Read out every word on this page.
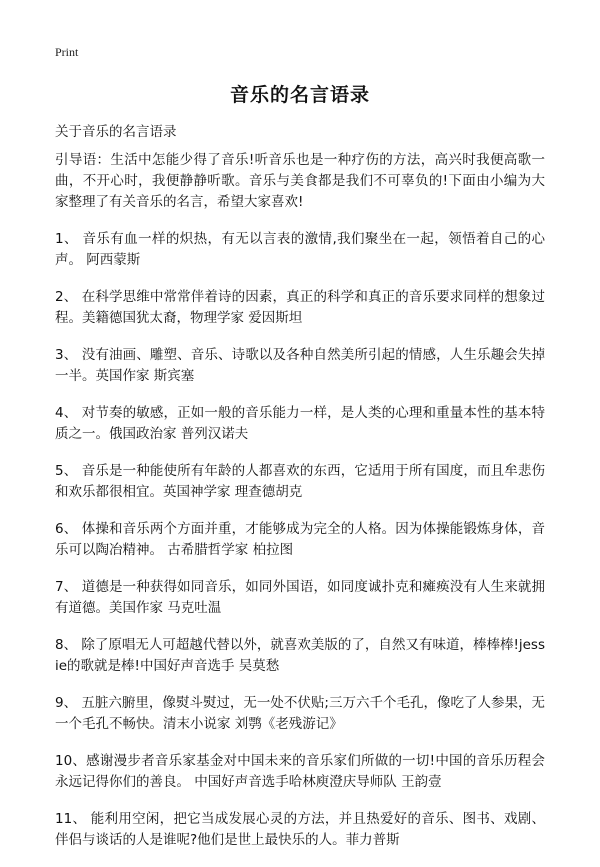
Print
音乐的名言语录
关于音乐的名言语录

引导语：生活中怎能少得了音乐!听音乐也是一种疗伤的方法，高兴时我便高歌一曲，不开心时，我便静静听歌。音乐与美食都是我们不可辜负的!下面由小编为大家整理了有关音乐的名言，希望大家喜欢!

1、 音乐有血一样的炽热，有无以言表的激情,我们聚坐在一起，领悟着自己的心声。 阿西蒙斯

2、 在科学思维中常常伴着诗的因素，真正的科学和真正的音乐要求同样的想象过程。美籍德国犹太裔，物理学家 爱因斯坦

3、 没有油画、雕塑、音乐、诗歌以及各种自然美所引起的情感，人生乐趣会失掉一半。英国作家 斯宾塞

4、 对节奏的敏感，正如一般的音乐能力一样，是人类的心理和重量本性的基本特质之一。俄国政治家 普列汉诺夫

5、 音乐是一种能使所有年龄的人都喜欢的东西，它适用于所有国度，而且牟悲伤和欢乐都很相宜。英国神学家 理查德胡克

6、 体操和音乐两个方面并重，才能够成为完全的人格。因为体操能锻炼身体，音乐可以陶冶精神。 古希腊哲学家 柏拉图

7、 道德是一种获得如同音乐，如同外国语，如同度诚扑克和瘫痪没有人生来就拥有道德。美国作家 马克吐温

8、 除了原唱无人可超越代替以外，就喜欢美版的了，自然又有味道，棒棒棒!jessie的歌就是棒!中国好声音选手 吴莫愁

9、 五脏六腑里，像熨斗熨过，无一处不伏贴;三万六千个毛孔，像吃了人参果，无一个毛孔不畅快。清末小说家 刘鹗《老残游记》

10、感谢漫步者音乐家基金对中国未来的音乐家们所做的一切!中国的音乐历程会永远记得你们的善良。 中国好声音选手哈林庾澄庆导师队 王韵壹

11、 能利用空闲，把它当成发展心灵的方法，并且热爱好的音乐、图书、戏剧、伴侣与谈话的人是谁呢?他们是世上最快乐的人。菲力普斯
